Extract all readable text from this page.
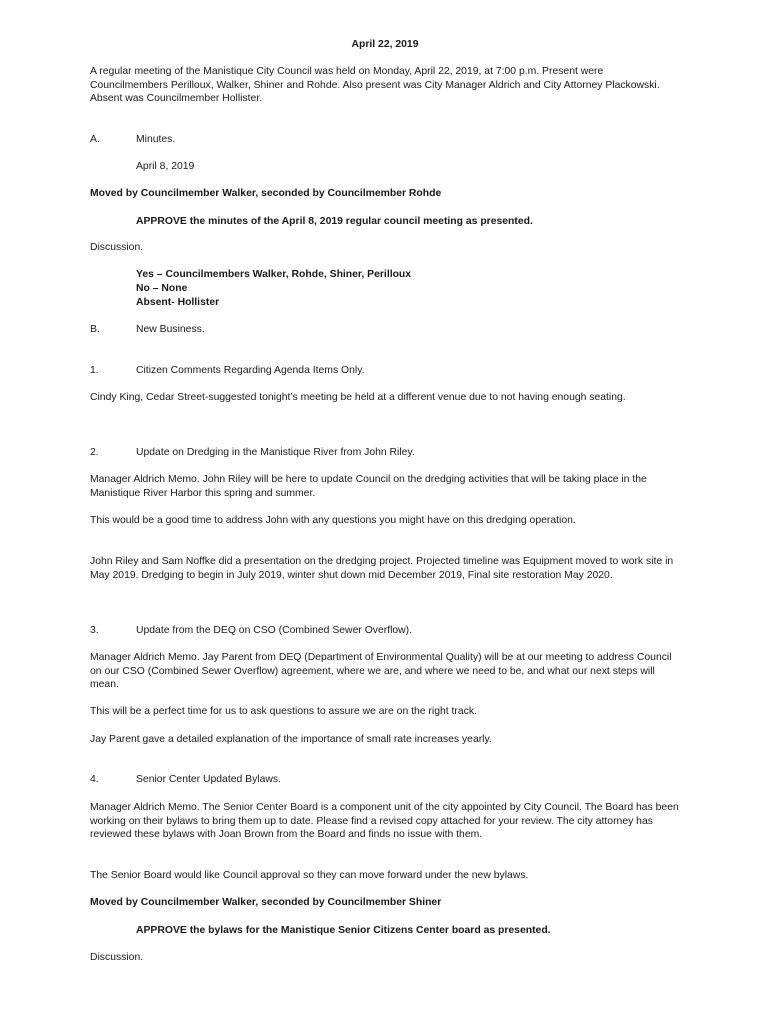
April 22, 2019

A regular meeting of the Manistique City Council was held on Monday, April 22, 2019, at 7:00 p.m. Present were Councilmembers Perilloux, Walker, Shiner and Rohde. Also present was City Manager Aldrich and City Attorney Plackowski. Absent was Councilmember Hollister.

A.	Minutes.

April 8, 2019

Moved by Councilmember Walker, seconded by Councilmember Rohde

APPROVE the minutes of the April 8, 2019 regular council meeting as presented.

Discussion.

Yes – Councilmembers Walker, Rohde, Shiner, Perilloux

No – None

Absent- Hollister

B.	New Business.
1.	Citizen Comments Regarding Agenda Items Only.

Cindy King, Cedar Street-suggested tonight’s meeting be held at a different venue due to not having enough seating.

2.	Update on Dredging in the Manistique River from John Riley.

Manager Aldrich Memo. John Riley will be here to update Council on the dredging activities that will be taking place in the Manistique River Harbor this spring and summer.

This would be a good time to address John with any questions you might have on this dredging operation.

John Riley and Sam Noffke did a presentation on the dredging project. Projected timeline was Equipment moved to work site in May 2019. Dredging to begin in July 2019, winter shut down mid December 2019, Final site restoration May 2020.

3.	Update from the DEQ on CSO (Combined Sewer Overflow).

Manager Aldrich Memo. Jay Parent from DEQ (Department of Environmental Quality) will be at our meeting to address Council on our CSO (Combined Sewer Overflow) agreement, where we are, and where we need to be, and what our next steps will mean.

This will be a perfect time for us to ask questions to assure we are on the right track.

Jay Parent gave a detailed explanation of the importance of small rate increases yearly.

4.	Senior Center Updated Bylaws.

Manager Aldrich Memo. The Senior Center Board is a component unit of the city appointed by City Council. The Board has been working on their bylaws to bring them up to date. Please find a revised copy attached for your review. The city attorney has reviewed these bylaws with Joan Brown from the Board and finds no issue with them.

The Senior Board would like Council approval so they can move forward under the new bylaws.

Moved by Councilmember Walker, seconded by Councilmember Shiner

APPROVE the bylaws for the Manistique Senior Citizens Center board as presented.

Discussion.
